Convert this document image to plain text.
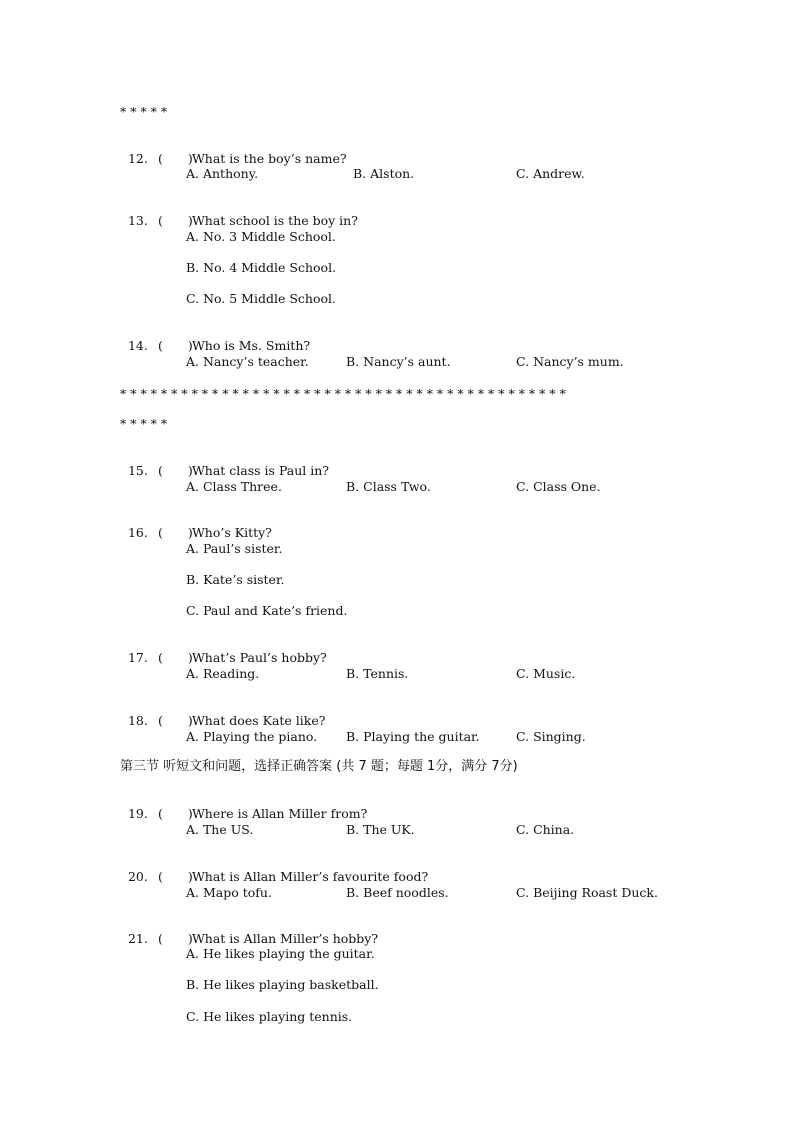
* * * * *

12. (　　)What is the boy’s name?

A. Anthony.	B. Alston.	C. Andrew.

13. (　　)What school is the boy in?

A. No. 3 Middle School.
B. No. 4 Middle School.
C. No. 5 Middle School.

14. (　　)Who is Ms. Smith?

A. Nancy’s teacher.	B. Nancy’s aunt.	C. Nancy’s mum.
* * * * * * * * * * * * * * * * * * * * * * * * * * * * * * * * * * * * * * * * * * * *
* * * * *

15. (　　)What class is Paul in?

A. Class Three.	B. Class Two.	C. Class One.

16. (　　)Who’s Kitty?

A. Paul’s sister.
B. Kate’s sister.
C. Paul and Kate’s friend.

17. (　　)What’s Paul’s hobby?

A. Reading.	B. Tennis.	C. Music.

18. (　　)What does Kate like?

A. Playing the piano. B. Playing the guitar.	C. Singing.
第三节 听短文和问题，选择正确答案 (共 7 题；每题 1分，满分 7分)

19. (　　)Where is Allan Miller from?

A. The US.	B. The UK.	C. China.

20. (　　)What is Allan Miller’s favourite food?

A. Mapo tofu.	B. Beef noodles.	C. Beijing Roast Duck.

21. (　　)What is Allan Miller’s hobby?

A. He likes playing the guitar.
B. He likes playing basketball.
C. He likes playing tennis.
